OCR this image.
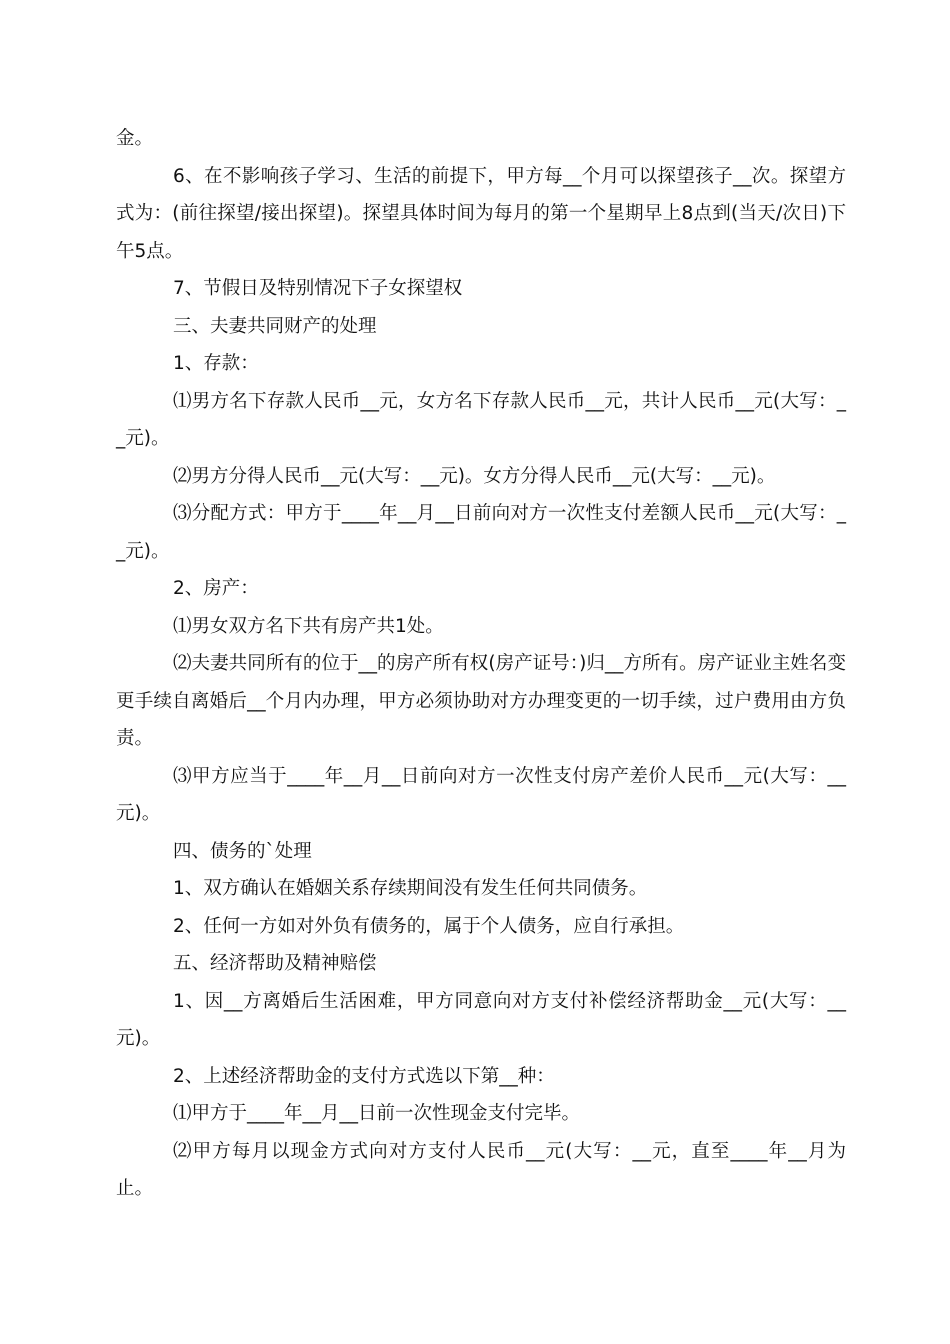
金。

6、在不影响孩子学习、生活的前提下，甲方每__个月可以探望孩子__次。探望方式为：(前往探望/接出探望)。探望具体时间为每月的第一个星期早上8点到(当天/次日)下午5点。

7、节假日及特别情况下子女探望权

三、夫妻共同财产的处理

1、存款：

⑴男方名下存款人民币__元，女方名下存款人民币__元，共计人民币__元(大写：__元)。

⑵男方分得人民币__元(大写：__元)。女方分得人民币__元(大写：__元)。

⑶分配方式：甲方于____年__月__日前向对方一次性支付差额人民币__元(大写：__元)。

2、房产：

⑴男女双方名下共有房产共1处。

⑵夫妻共同所有的位于__的房产所有权(房产证号：)归__方所有。房产证业主姓名变更手续自离婚后__个月内办理，甲方必须协助对方办理变更的一切手续，过户费用由方负责。

⑶甲方应当于____年__月__日前向对方一次性支付房产差价人民币__元(大写：__元)。

四、债务的`处理

1、双方确认在婚姻关系存续期间没有发生任何共同债务。

2、任何一方如对外负有债务的，属于个人债务，应自行承担。

五、经济帮助及精神赔偿

1、因__方离婚后生活困难，甲方同意向对方支付补偿经济帮助金__元(大写：__元)。

2、上述经济帮助金的支付方式选以下第__种：

⑴甲方于____年__月__日前一次性现金支付完毕。

⑵甲方每月以现金方式向对方支付人民币__元(大写：__元，直至____年__月为止。
